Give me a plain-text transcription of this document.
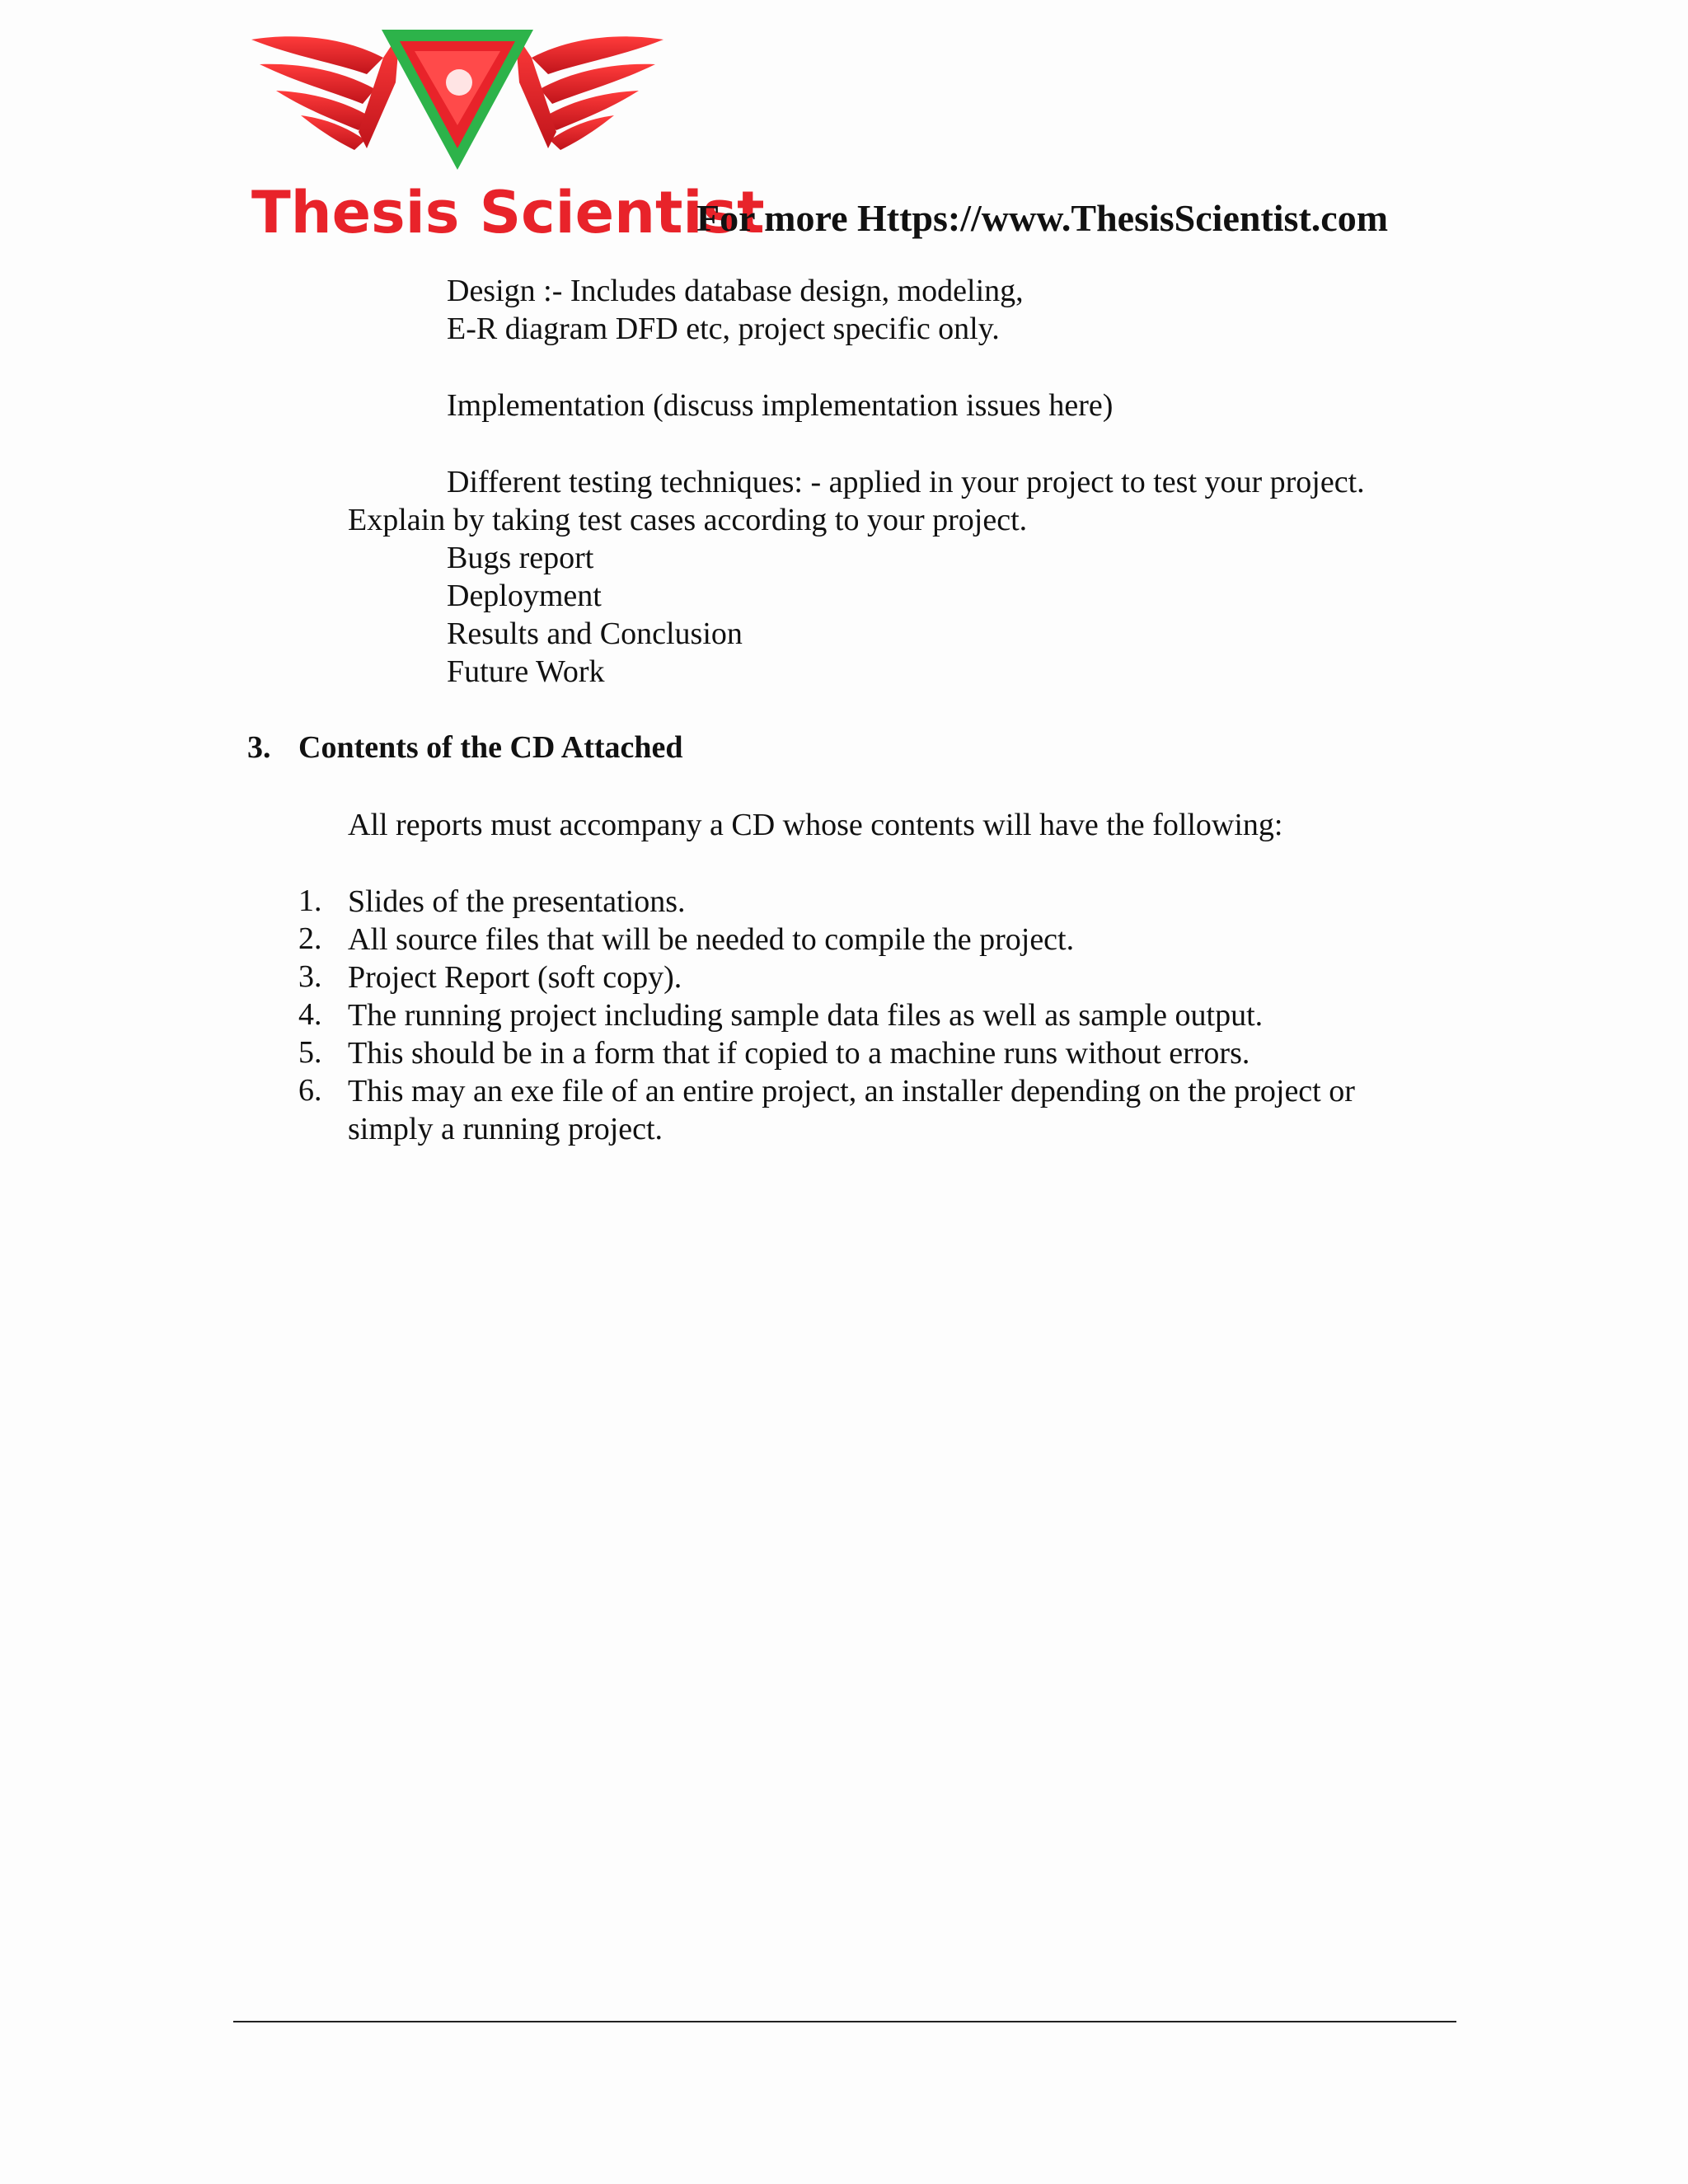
Thesis Scientist
For more Https://www.ThesisScientist.com
Design :- Includes database design, modeling,
E-R diagram DFD etc, project specific only.
Implementation (discuss implementation issues here)
Different testing techniques: - applied in your project to test your project.
Explain by taking test cases according to your project.
Bugs report
Deployment
Results and Conclusion
Future Work
3. Contents of the CD Attached
All reports must accompany a CD whose contents will have the following:
1. Slides of the presentations.
2. All source files that will be needed to compile the project.
3. Project Report (soft copy).
4. The running project including sample data files as well as sample output.
5. This should be in a form that if copied to a machine runs without errors.
6. This may an exe file of an entire project, an installer depending on the project or
simply a running project.
